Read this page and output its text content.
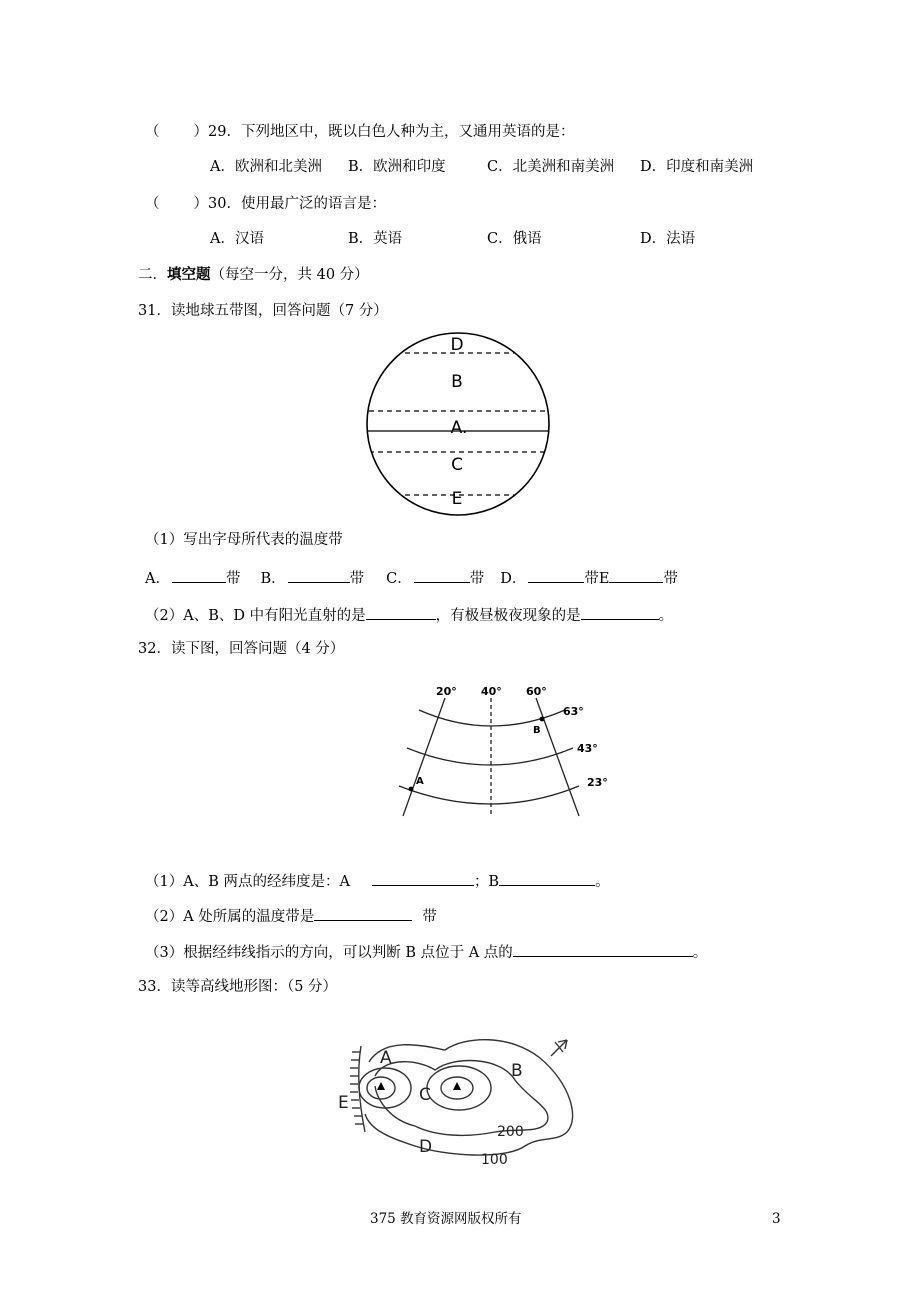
（ ）29．下列地区中，既以白色人种为主，又通用英语的是：
A．欧洲和北美洲 B．欧洲和印度	C．北美洲和南美洲 D．印度和南美洲
（ ）30．使用最广泛的语言是：
A．汉语	B．英语	C．俄语	D．法语
二．填空题（每空一分，共 40 分）
31．读地球五带图，回答问题（7 分）
D
B
A.
C
E
（1）写出字母所代表的温度带
A．	带 B．	带 C．	带 D．	带E	带
（2）A、B、D 中有阳光直射的是	，有极昼极夜现象的是	。
32．读下图，回答问题（4 分）
20° 40° 60°
63°
43°
23°
A
B
（1）A、B 两点的经纬度是：A	；B	。
（2）A 处所属的温度带是	带
（3）根据经纬线指示的方向，可以判断 B 点位于 A 点的	。
33．读等高线地形图：（5 分）
A
B
C
D
E
200
100
375 教育资源网版权所有	3
